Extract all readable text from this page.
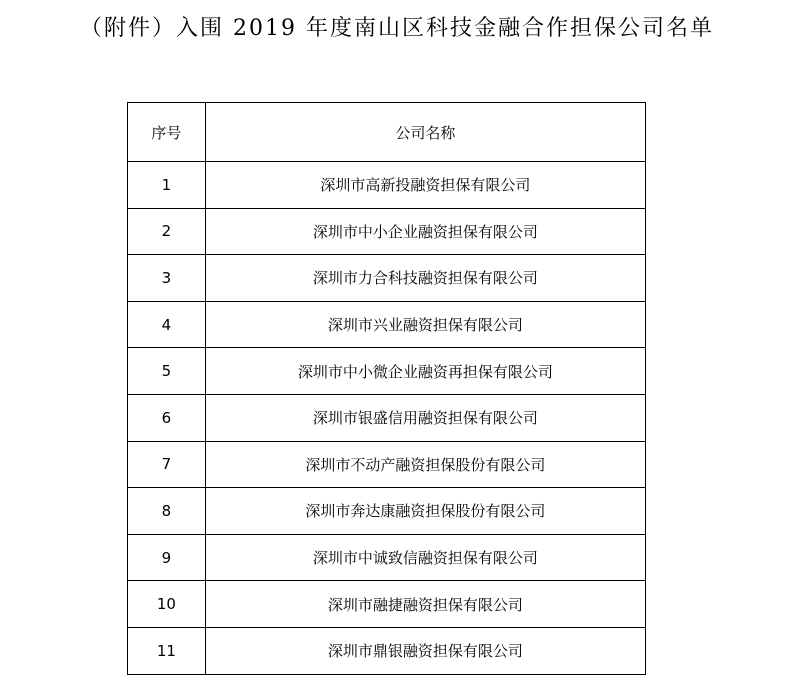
（附件）入围 2019 年度南山区科技金融合作担保公司名单
序号	公司名称
1	深圳市高新投融资担保有限公司
2	深圳市中小企业融资担保有限公司
3	深圳市力合科技融资担保有限公司
4	深圳市兴业融资担保有限公司
5	深圳市中小微企业融资再担保有限公司
6	深圳市银盛信用融资担保有限公司
7	深圳市不动产融资担保股份有限公司
8	深圳市奔达康融资担保股份有限公司
9	深圳市中诚致信融资担保有限公司
10	深圳市融捷融资担保有限公司
11	深圳市鼎银融资担保有限公司
